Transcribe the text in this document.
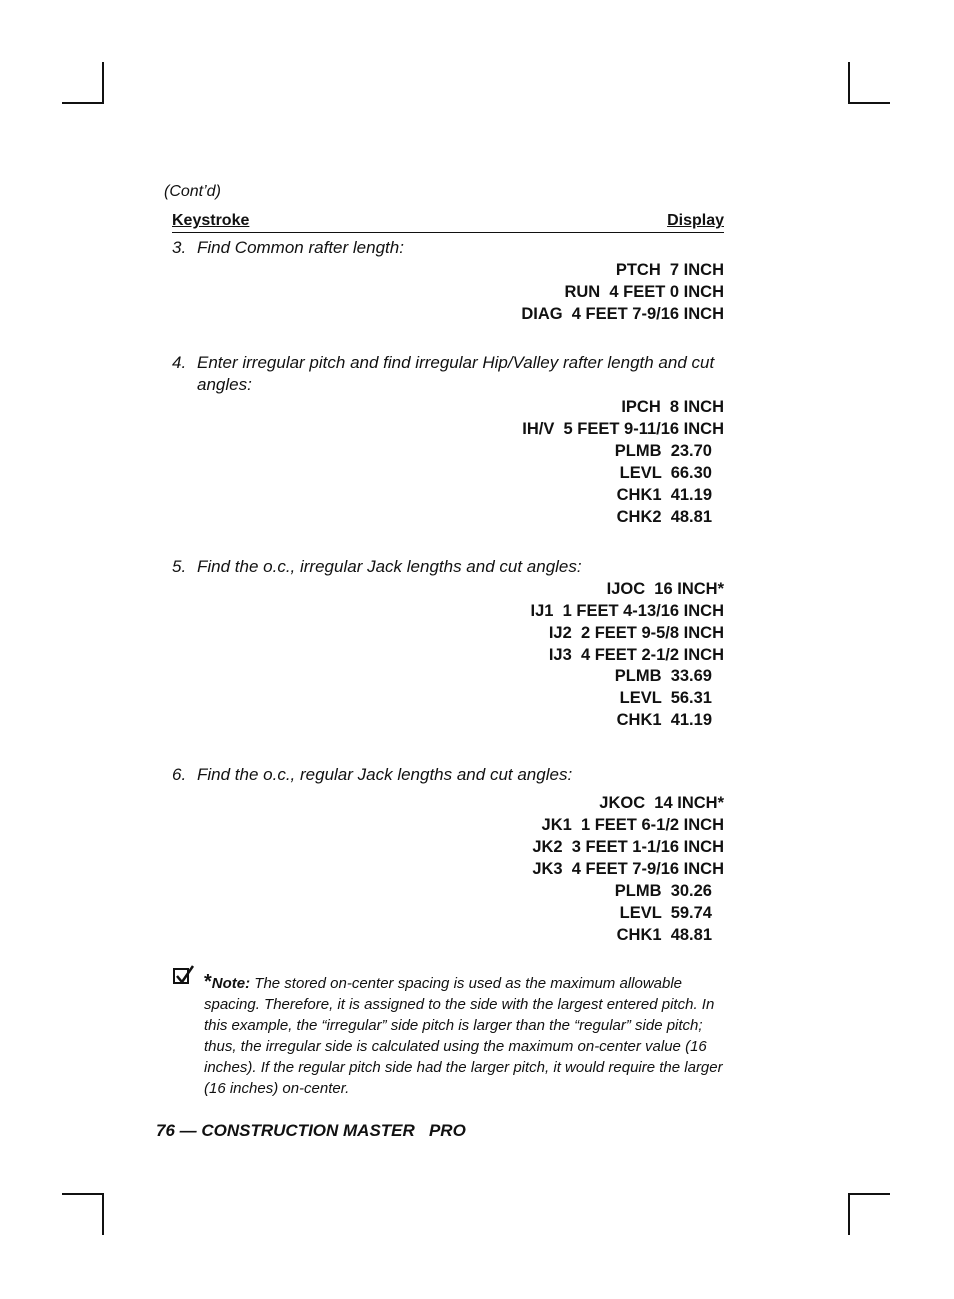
(Cont’d)
Keystroke	Display
3. Find Common rafter length:
PTCH  7 INCH
RUN  4 FEET 0 INCH
DIAG  4 FEET 7-9/16 INCH
4. Enter irregular pitch and find irregular Hip/Valley rafter length and cut angles:
IPCH  8 INCH
IH/V  5 FEET 9-11/16 INCH
PLMB  23.70
LEVL  66.30
CHK1  41.19
CHK2  48.81
5. Find the o.c., irregular Jack lengths and cut angles:
IJOC  16 INCH*
IJ1  1 FEET 4-13/16 INCH
IJ2  2 FEET 9-5/8 INCH
IJ3  4 FEET 2-1/2 INCH
PLMB  33.69
LEVL  56.31
CHK1  41.19
6. Find the o.c., regular Jack lengths and cut angles:
JKOC  14 INCH*
JK1  1 FEET 6-1/2 INCH
JK2  3 FEET 1-1/16 INCH
JK3  4 FEET 7-9/16 INCH
PLMB  30.26
LEVL  59.74
CHK1  48.81
*Note: The stored on-center spacing is used as the maximum allowable spacing. Therefore, it is assigned to the side with the largest entered pitch. In this example, the “irregular” side pitch is larger than the “regular” side pitch; thus, the irregular side is calculated using the maximum on-center value (16 inches). If the regular pitch side had the larger pitch, it would require the larger (16 inches) on-center.
76 — CONSTRUCTION MASTER   PRO
